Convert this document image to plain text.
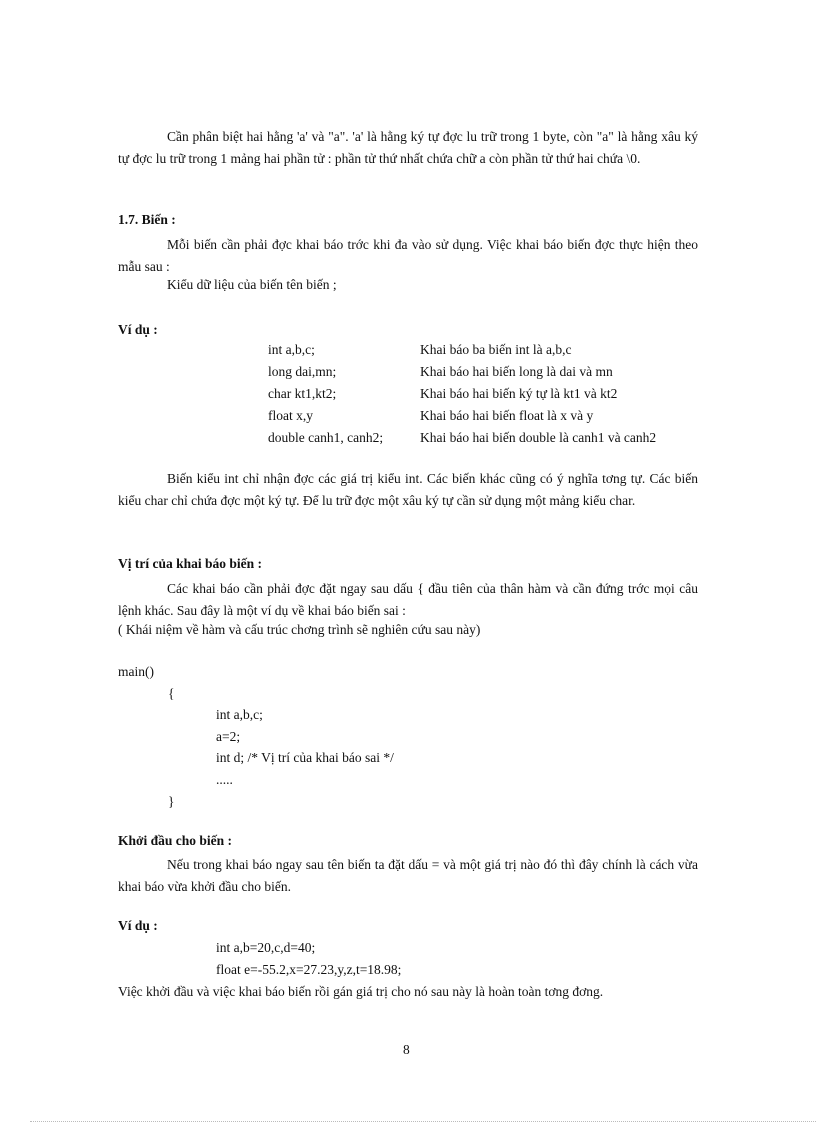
Cần phân biệt hai hằng 'a' và "a". 'a' là hằng ký tự đợc lu trữ trong 1 byte, còn "a" là hằng xâu ký tự đợc lu trữ trong 1 mảng hai phần tử : phần tử thứ nhất chứa chữ a còn phần tử thứ hai chứa \0.
1.7. Biến :
Mỗi biến cần phải đợc khai báo trớc khi đa vào sử dụng. Việc khai báo biến đợc thực hiện theo mẫu sau :
Kiểu dữ liệu của biến tên biến ;
Ví dụ :
int a,b,c;	Khai báo ba biến int là a,b,c
long dai,mn;	Khai báo hai biến long là dai và mn
char kt1,kt2;	Khai báo hai biến ký tự là kt1 và kt2
float x,y	Khai báo hai biến float là x và y
double canh1, canh2;	Khai báo hai biến double là canh1 và canh2
Biến kiểu int chỉ nhận đợc các giá trị kiểu int. Các biến khác cũng có ý nghĩa tơng tự. Các biến kiểu char chỉ chứa đợc một ký tự. Để lu trữ đợc một xâu ký tự cần sử dụng một mảng kiểu char.
Vị trí của khai báo biến :
Các khai báo cần phải đợc đặt ngay sau dấu { đầu tiên của thân hàm và cần đứng trớc mọi câu lệnh khác. Sau đây là một ví dụ về khai báo biến sai :
( Khái niệm về hàm và cấu trúc chơng trình sẽ nghiên cứu sau này)
main()
{
int a,b,c;
a=2;
int d; /* Vị trí của khai báo sai */
.....
}
Khởi đầu cho biến :
Nếu trong khai báo ngay sau tên biến ta đặt dấu = và một giá trị nào đó thì đây chính là cách vừa khai báo vừa khởi đầu cho biến.
Ví dụ :
int a,b=20,c,d=40;
float e=-55.2,x=27.23,y,z,t=18.98;
Việc khởi đầu và việc khai báo biến rồi gán giá trị cho nó sau này là hoàn toàn tơng đơng.
8
